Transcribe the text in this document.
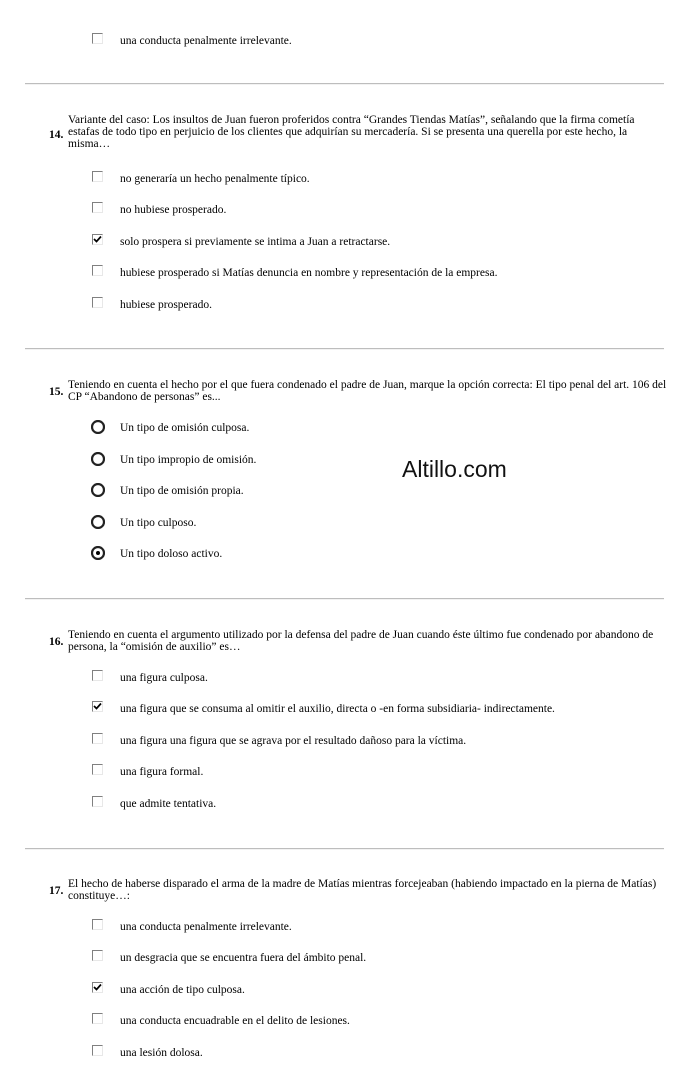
una conducta penalmente irrelevante.
14.
Variante del caso: Los insultos de Juan fueron proferidos contra “Grandes Tiendas Matías”, señalando que la firma cometía estafas de todo tipo en perjuicio de los clientes que adquirían su mercadería. Si se presenta una querella por este hecho, la misma…
no generaría un hecho penalmente típico.
no hubiese prosperado.
solo prospera si previamente se intima a Juan a retractarse.
hubiese prosperado si Matías denuncia en nombre y representación de la empresa.
hubiese prosperado.
15.
Teniendo en cuenta el hecho por el que fuera condenado el padre de Juan, marque la opción correcta: El tipo penal del art. 106 del CP “Abandono de personas” es...
Un tipo de omisión culposa.
Un tipo impropio de omisión.
Un tipo de omisión propia.
Un tipo culposo.
Un tipo doloso activo.
Altillo.com
16.
Teniendo en cuenta el argumento utilizado por la defensa del padre de Juan cuando éste último fue condenado por abandono de persona, la “omisión de auxilio” es…
una figura culposa.
una figura que se consuma al omitir el auxilio, directa o -en forma subsidiaria- indirectamente.
una figura una figura que se agrava por el resultado dañoso para la víctima.
una figura formal.
que admite tentativa.
17.
El hecho de haberse disparado el arma de la madre de Matías mientras forcejeaban (habiendo impactado en la pierna de Matías) constituye…:
una conducta penalmente irrelevante.
un desgracia que se encuentra fuera del ámbito penal.
una acción de tipo culposa.
una conducta encuadrable en el delito de lesiones.
una lesión dolosa.
